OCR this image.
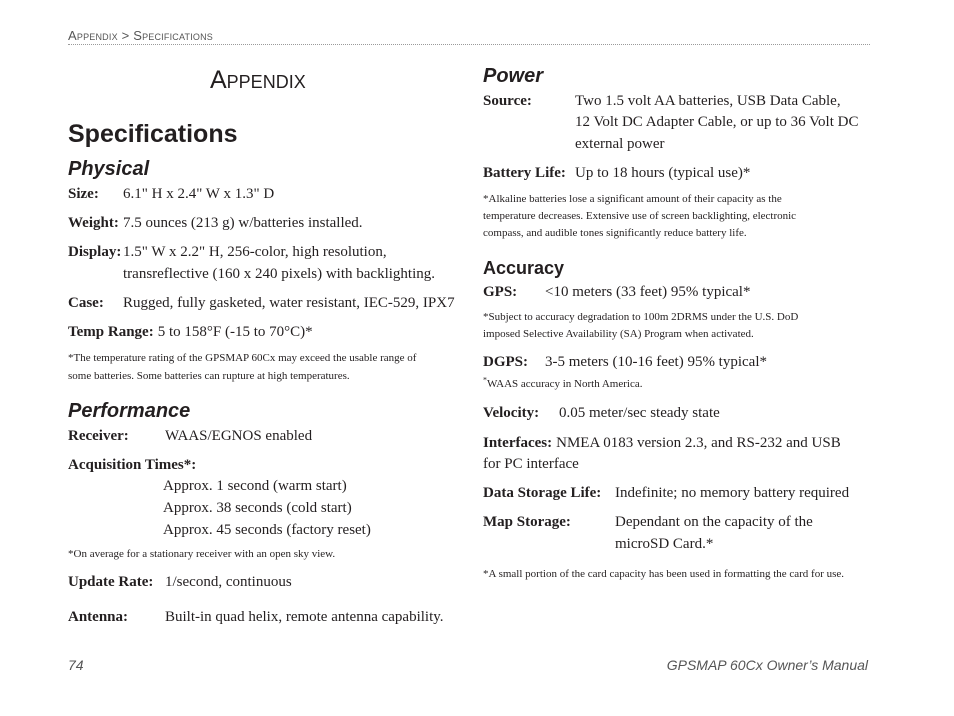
Appendix > Specifications
Appendix
Specifications
Physical
Size: 6.1" H x 2.4" W x 1.3" D
Weight: 7.5 ounces (213 g) w/batteries installed.
Display: 1.5" W x 2.2" H, 256-color, high resolution,
transreflective (160 x 240 pixels) with backlighting.
Case: Rugged, fully gasketed, water resistant, IEC-529, IPX7
Temp Range: 5 to 158°F (-15 to 70°C)*
*The temperature rating of the GPSMAP 60Cx may exceed the usable range of
some batteries. Some batteries can rupture at high temperatures.
Performance
Receiver: WAAS/EGNOS enabled
Acquisition Times*:
Approx. 1 second (warm start)
Approx. 38 seconds (cold start)
Approx. 45 seconds (factory reset)
*On average for a stationary receiver with an open sky view.
Update Rate: 1/second, continuous
Antenna: Built-in quad helix, remote antenna capability.
Power
Source:	Two 1.5 volt AA batteries, USB Data Cable,
12 Volt DC Adapter Cable, or up to 36 Volt DC
external power
Battery Life: Up to 18 hours (typical use)*
*Alkaline batteries lose a significant amount of their capacity as the
temperature decreases. Extensive use of screen backlighting, electronic
compass, and audible tones significantly reduce battery life.
Accuracy
GPS: <10 meters (33 feet) 95% typical*
*Subject to accuracy degradation to 100m 2DRMS under the U.S. DoD
imposed Selective Availability (SA) Program when activated.
DGPS: 3-5 meters (10-16 feet) 95% typical*
*WAAS accuracy in North America.
Velocity: 0.05 meter/sec steady state
Interfaces: NMEA 0183 version 2.3, and RS-232 and USB
for PC interface
Data Storage Life: Indefinite; no memory battery required
Map Storage:	Dependant on the capacity of the
microSD Card.*
*A small portion of the card capacity has been used in formatting the card for use.
74	GPSMAP 60Cx Owner’s Manual
